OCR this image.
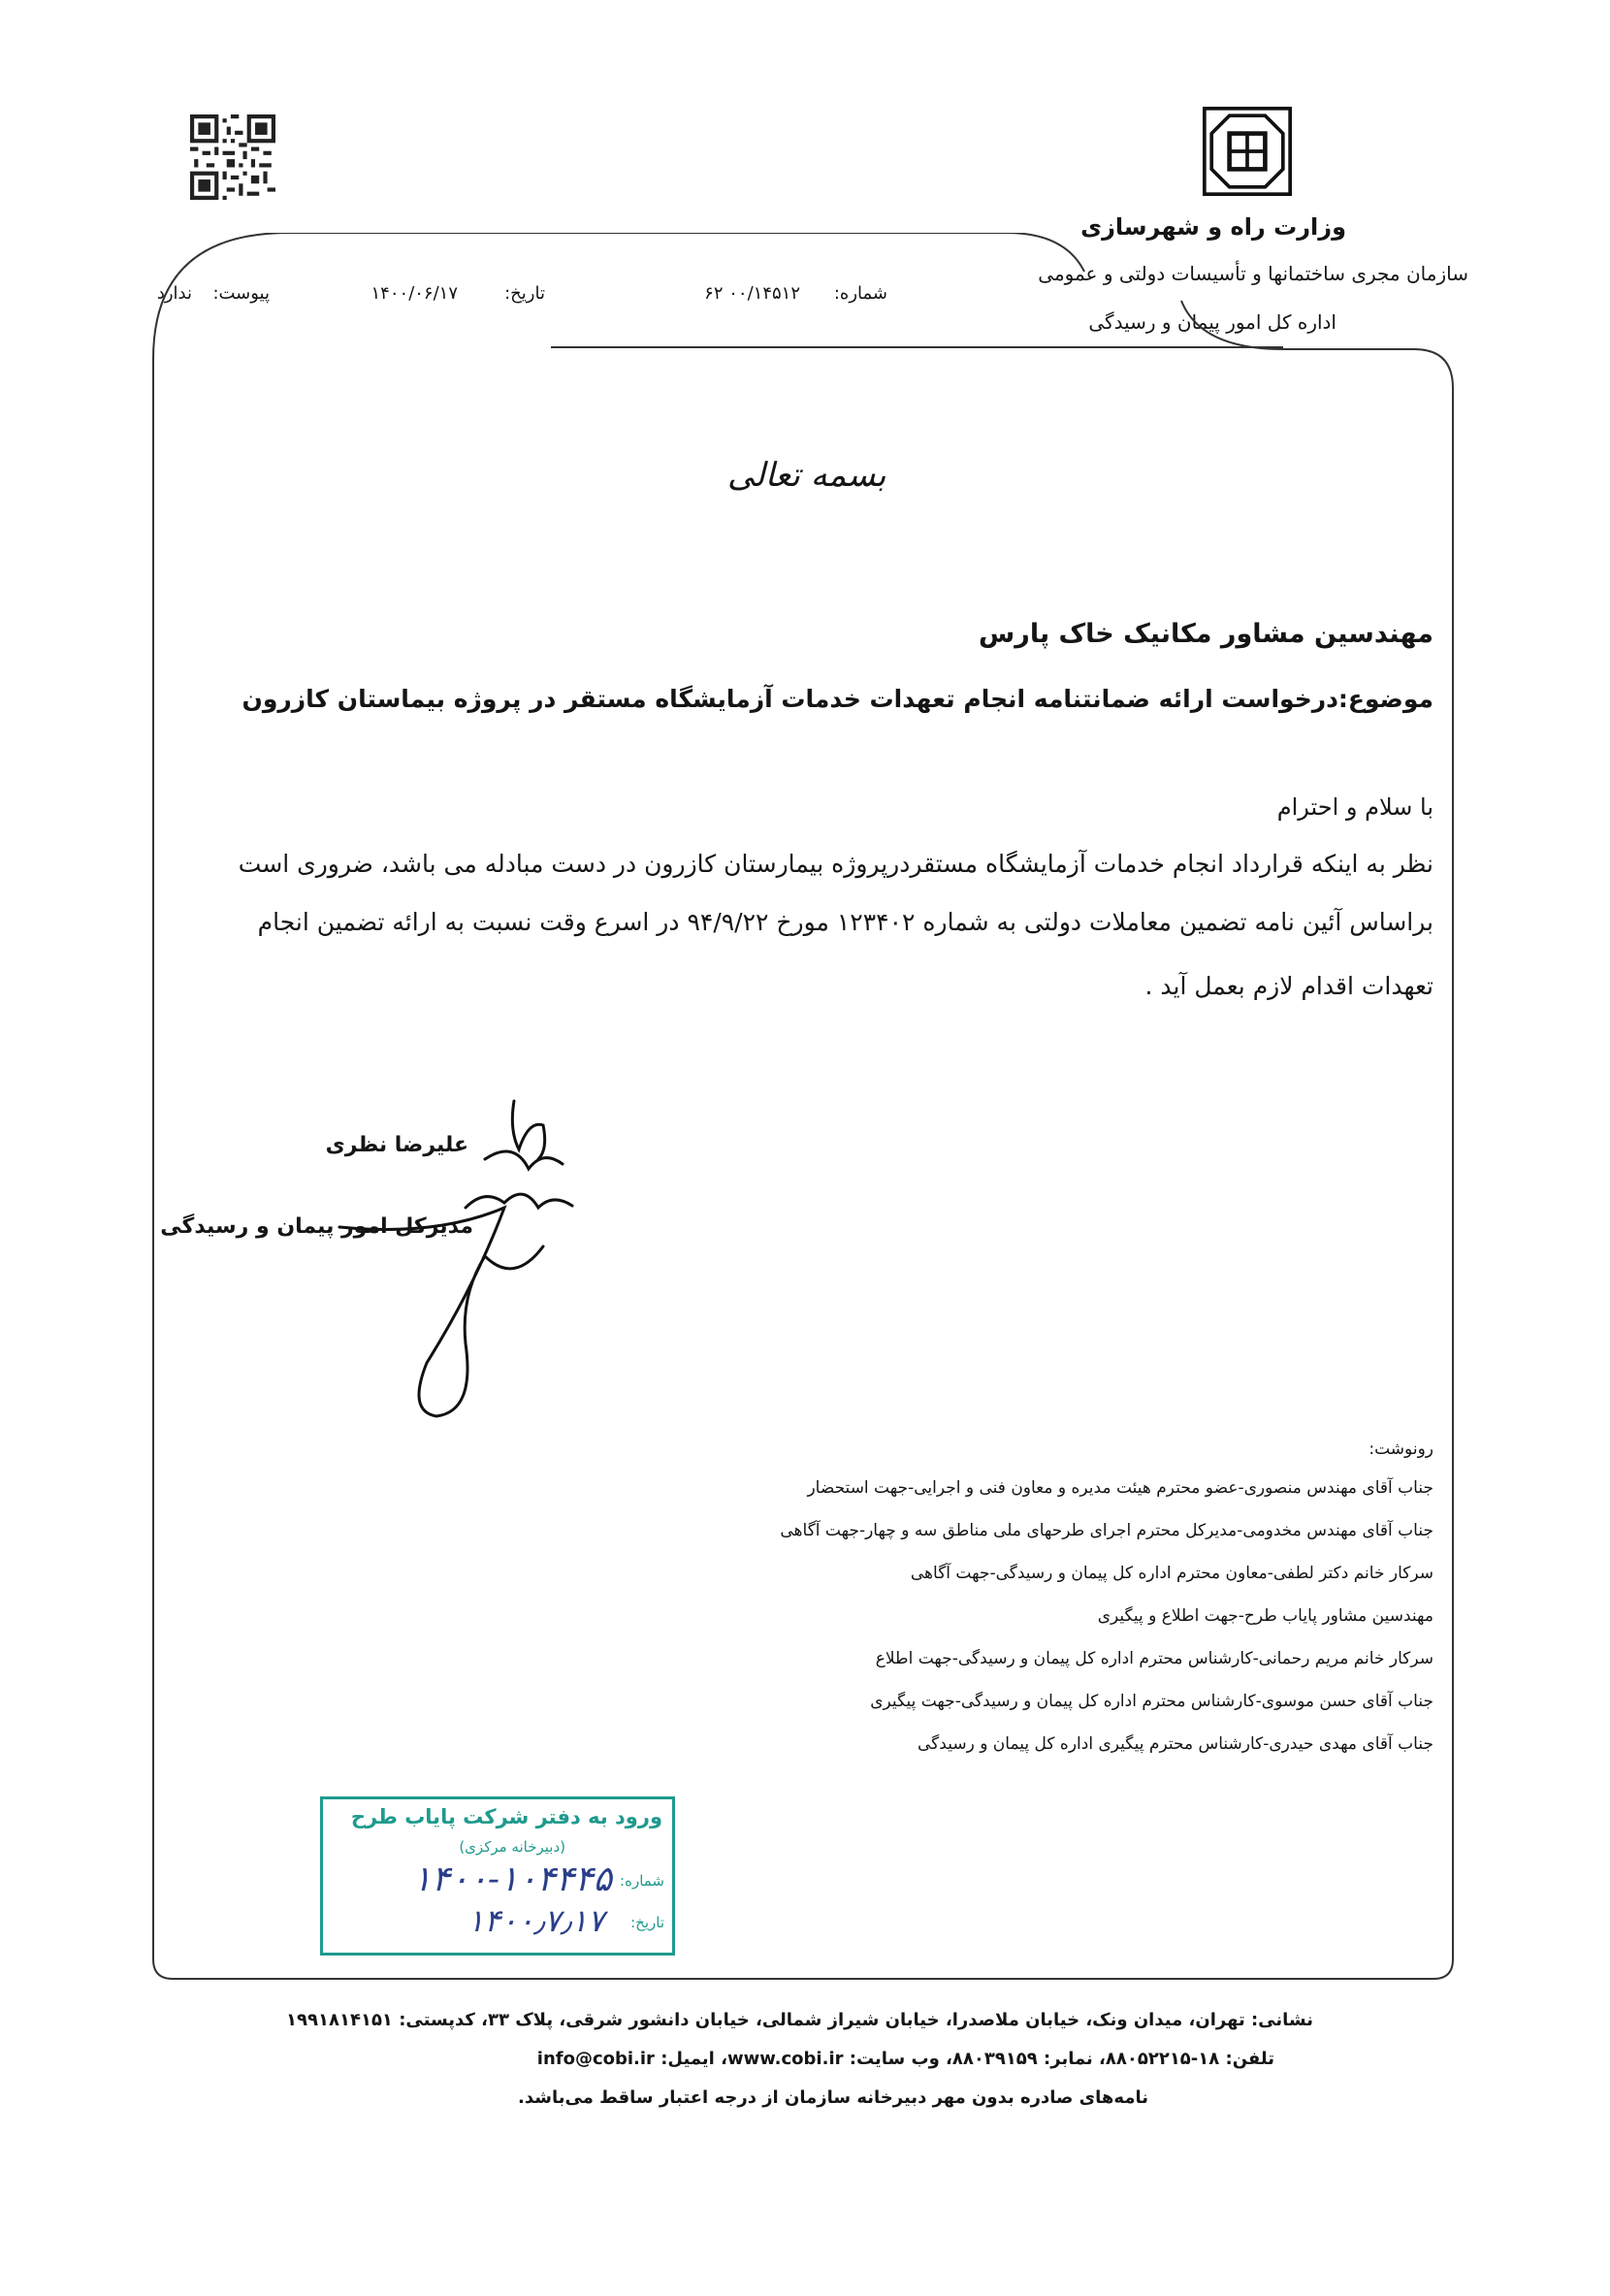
وزارت راه و شهرسازی
سازمان مجری ساختمانها و تأسیسات دولتی و عمومی
اداره کل امور پیمان و رسیدگی
شماره:
۰۰/۱۴۵۱۲ ۶۲
تاریخ:
۱۴۰۰/۰۶/۱۷
پیوست:
ندارد
بسمه تعالی
مهندسین مشاور مکانیک خاک پارس
موضوع:درخواست ارائه ضمانتنامه انجام تعهدات خدمات آزمایشگاه مستقر در پروژه بیماستان کازرون
با سلام و احترام
نظر به اینکه قرارداد انجام خدمات آزمایشگاه مستقردرپروژه بیمارستان کازرون در دست مبادله می باشد، ضروری است
براساس آئین نامه تضمین معاملات دولتی به شماره ۱۲۳۴۰۲ مورخ ۹۴/۹/۲۲ در اسرع وقت نسبت به ارائه تضمین انجام
تعهدات اقدام لازم بعمل آید .
علیرضا نظری
مدیرکل امور پیمان و رسیدگی
رونوشت:
جناب آقای مهندس منصوری-عضو محترم هیئت مدیره و معاون فنی و اجرایی-جهت استحضار
جناب آقای مهندس مخدومی-مدیرکل محترم اجرای طرحهای ملی مناطق سه و چهار-جهت آگاهی
سرکار خانم دکتر لطفی-معاون محترم اداره کل پیمان و رسیدگی-جهت آگاهی
مهندسین مشاور پایاب طرح-جهت اطلاع و پیگیری
سرکار خانم مریم رحمانی-کارشناس محترم اداره کل پیمان و رسیدگی-جهت اطلاع
جناب آقای حسن موسوی-کارشناس محترم اداره کل پیمان و رسیدگی-جهت پیگیری
جناب آقای مهدی حیدری-کارشناس محترم پیگیری اداره کل پیمان و رسیدگی
ورود به دفتر شرکت پایاب طرح
(دبیرخانه مرکزی)
شماره:
۱۴۰۰-۱۰۴۴۴۵
تاریخ:
۱۴۰۰٫۷٫۱۷
نشانی: تهران، میدان ونک، خیابان ملاصدرا، خیابان شیراز شمالی، خیابان دانشور شرقی، پلاک ۳۳، کدپستی: ۱۹۹۱۸۱۴۱۵۱
تلفن: ۱۸-۸۸۰۵۲۲۱۵، نمابر: ۸۸۰۳۹۱۵۹، وب سایت: www.cobi.ir، ایمیل: info@cobi.ir
نامه‌های صادره بدون مهر دبیرخانه سازمان از درجه اعتبار ساقط می‌باشد.
